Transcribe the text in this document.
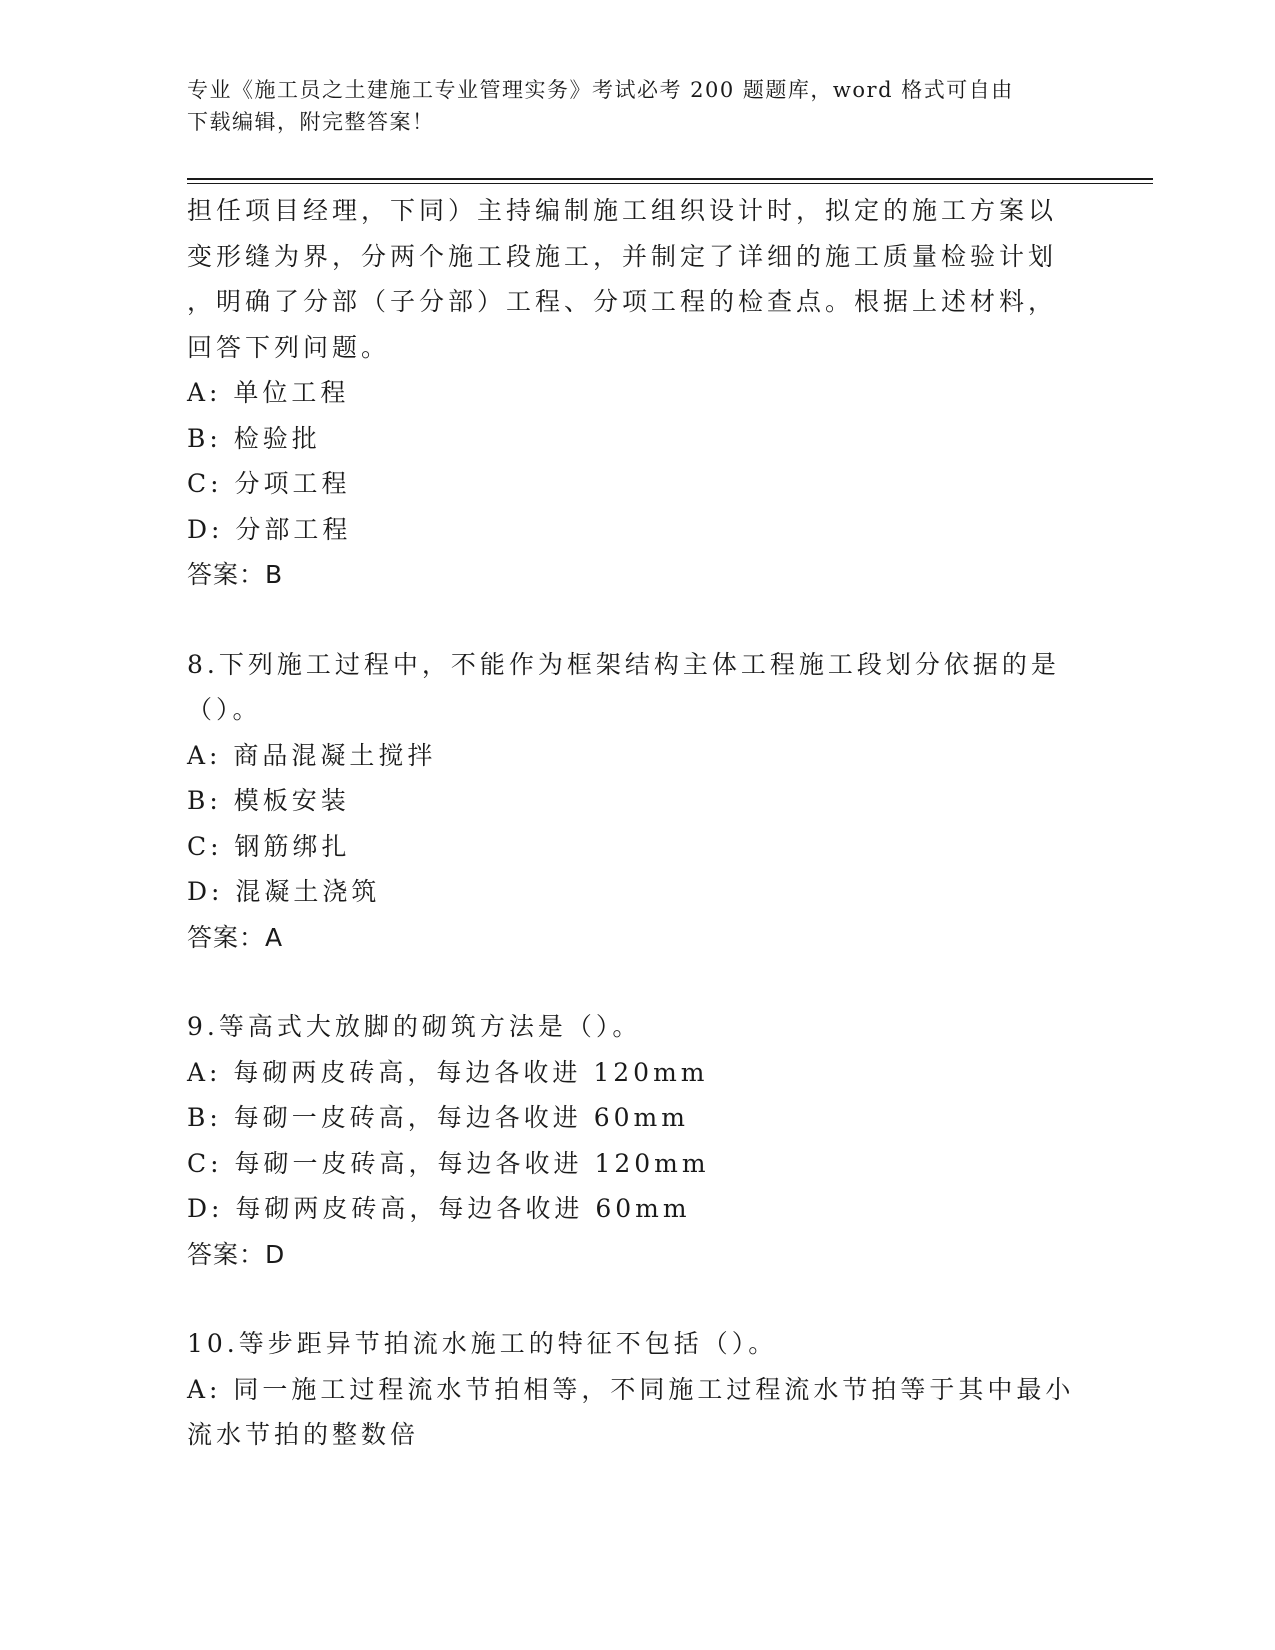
专业《施工员之土建施工专业管理实务》考试必考 200 题题库，word 格式可自由
下载编辑，附完整答案！

担任项目经理，下同）主持编制施工组织设计时，拟定的施工方案以

变形缝为界，分两个施工段施工，并制定了详细的施工质量检验计划

，明确了分部（子分部）工程、分项工程的检查点。根据上述材料，

回答下列问题。

A: 单位工程

B: 检验批

C: 分项工程

D: 分部工程

答案：B

8.下列施工过程中，不能作为框架结构主体工程施工段划分依据的是

（）。

A: 商品混凝土搅拌

B: 模板安装

C: 钢筋绑扎

D: 混凝土浇筑

答案：A

9.等高式大放脚的砌筑方法是（）。

A: 每砌两皮砖高，每边各收进 120mm

B: 每砌一皮砖高，每边各收进 60mm

C: 每砌一皮砖高，每边各收进 120mm

D: 每砌两皮砖高，每边各收进 60mm

答案：D

10.等步距异节拍流水施工的特征不包括（）。

A: 同一施工过程流水节拍相等，不同施工过程流水节拍等于其中最小

流水节拍的整数倍
